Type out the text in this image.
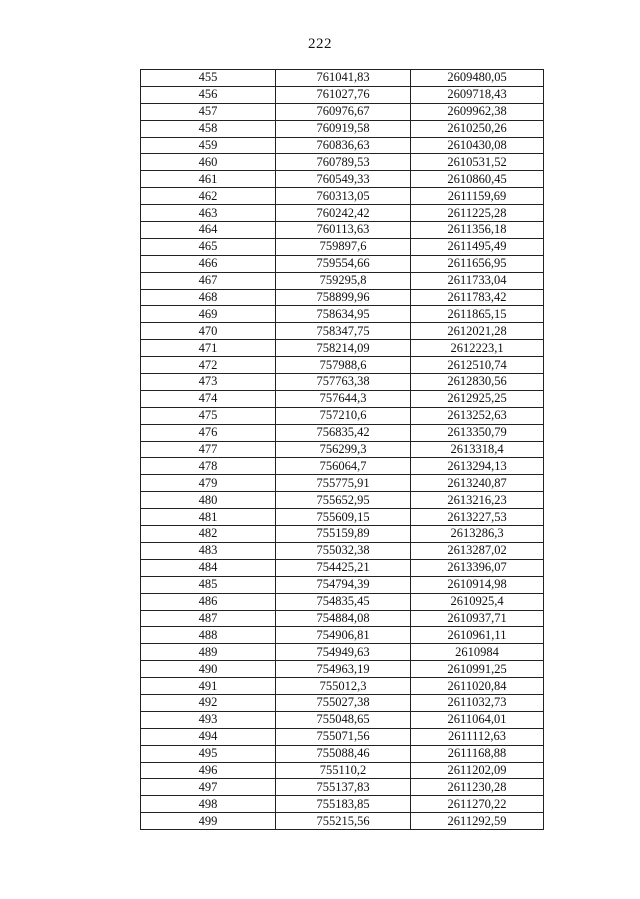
222
455	761041,83	2609480,05
456	761027,76	2609718,43
457	760976,67	2609962,38
458	760919,58	2610250,26
459	760836,63	2610430,08
460	760789,53	2610531,52
461	760549,33	2610860,45
462	760313,05	2611159,69
463	760242,42	2611225,28
464	760113,63	2611356,18
465	759897,6	2611495,49
466	759554,66	2611656,95
467	759295,8	2611733,04
468	758899,96	2611783,42
469	758634,95	2611865,15
470	758347,75	2612021,28
471	758214,09	2612223,1
472	757988,6	2612510,74
473	757763,38	2612830,56
474	757644,3	2612925,25
475	757210,6	2613252,63
476	756835,42	2613350,79
477	756299,3	2613318,4
478	756064,7	2613294,13
479	755775,91	2613240,87
480	755652,95	2613216,23
481	755609,15	2613227,53
482	755159,89	2613286,3
483	755032,38	2613287,02
484	754425,21	2613396,07
485	754794,39	2610914,98
486	754835,45	2610925,4
487	754884,08	2610937,71
488	754906,81	2610961,11
489	754949,63	2610984
490	754963,19	2610991,25
491	755012,3	2611020,84
492	755027,38	2611032,73
493	755048,65	2611064,01
494	755071,56	2611112,63
495	755088,46	2611168,88
496	755110,2	2611202,09
497	755137,83	2611230,28
498	755183,85	2611270,22
499	755215,56	2611292,59
